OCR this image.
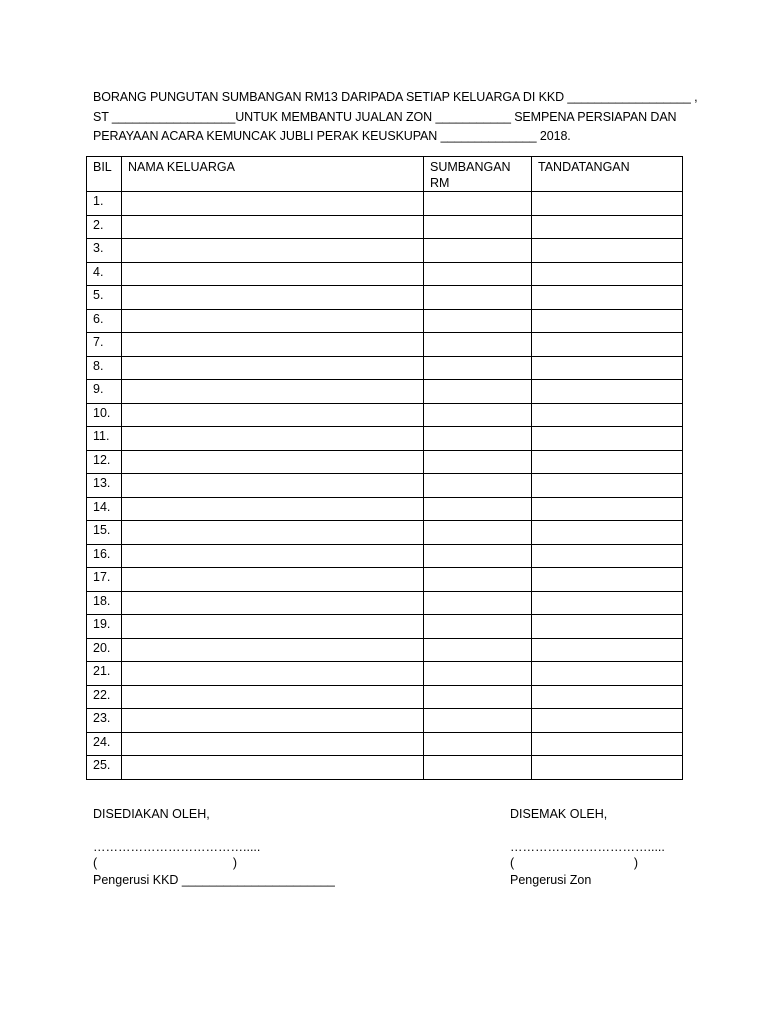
BORANG PUNGUTAN SUMBANGAN RM13 DARIPADA SETIAP KELUARGA DI KKD __________________ ,
ST __________________UNTUK MEMBANTU JUALAN ZON ___________ SEMPENA PERSIAPAN DAN
PERAYAAN ACARA KEMUNCAK JUBLI PERAK KEUSKUPAN ______________ 2018.
BIL	NAMA KELUARGA	SUMBANGAN RM	TANDATANGAN
1.			
2.			
3.			
4.			
5.			
6.			
7.			
8.			
9.			
10.			
11.			
12.			
13.			
14.			
15.			
16.			
17.			
18.			
19.			
20.			
21.			
22.			
23.			
24.			
25.			
DISEDIAKAN OLEH,
……………………………….....
(	)
Pengerusi KKD ______________________
DISEMAK OLEH,
…………………………….....
(	)
Pengerusi Zon
